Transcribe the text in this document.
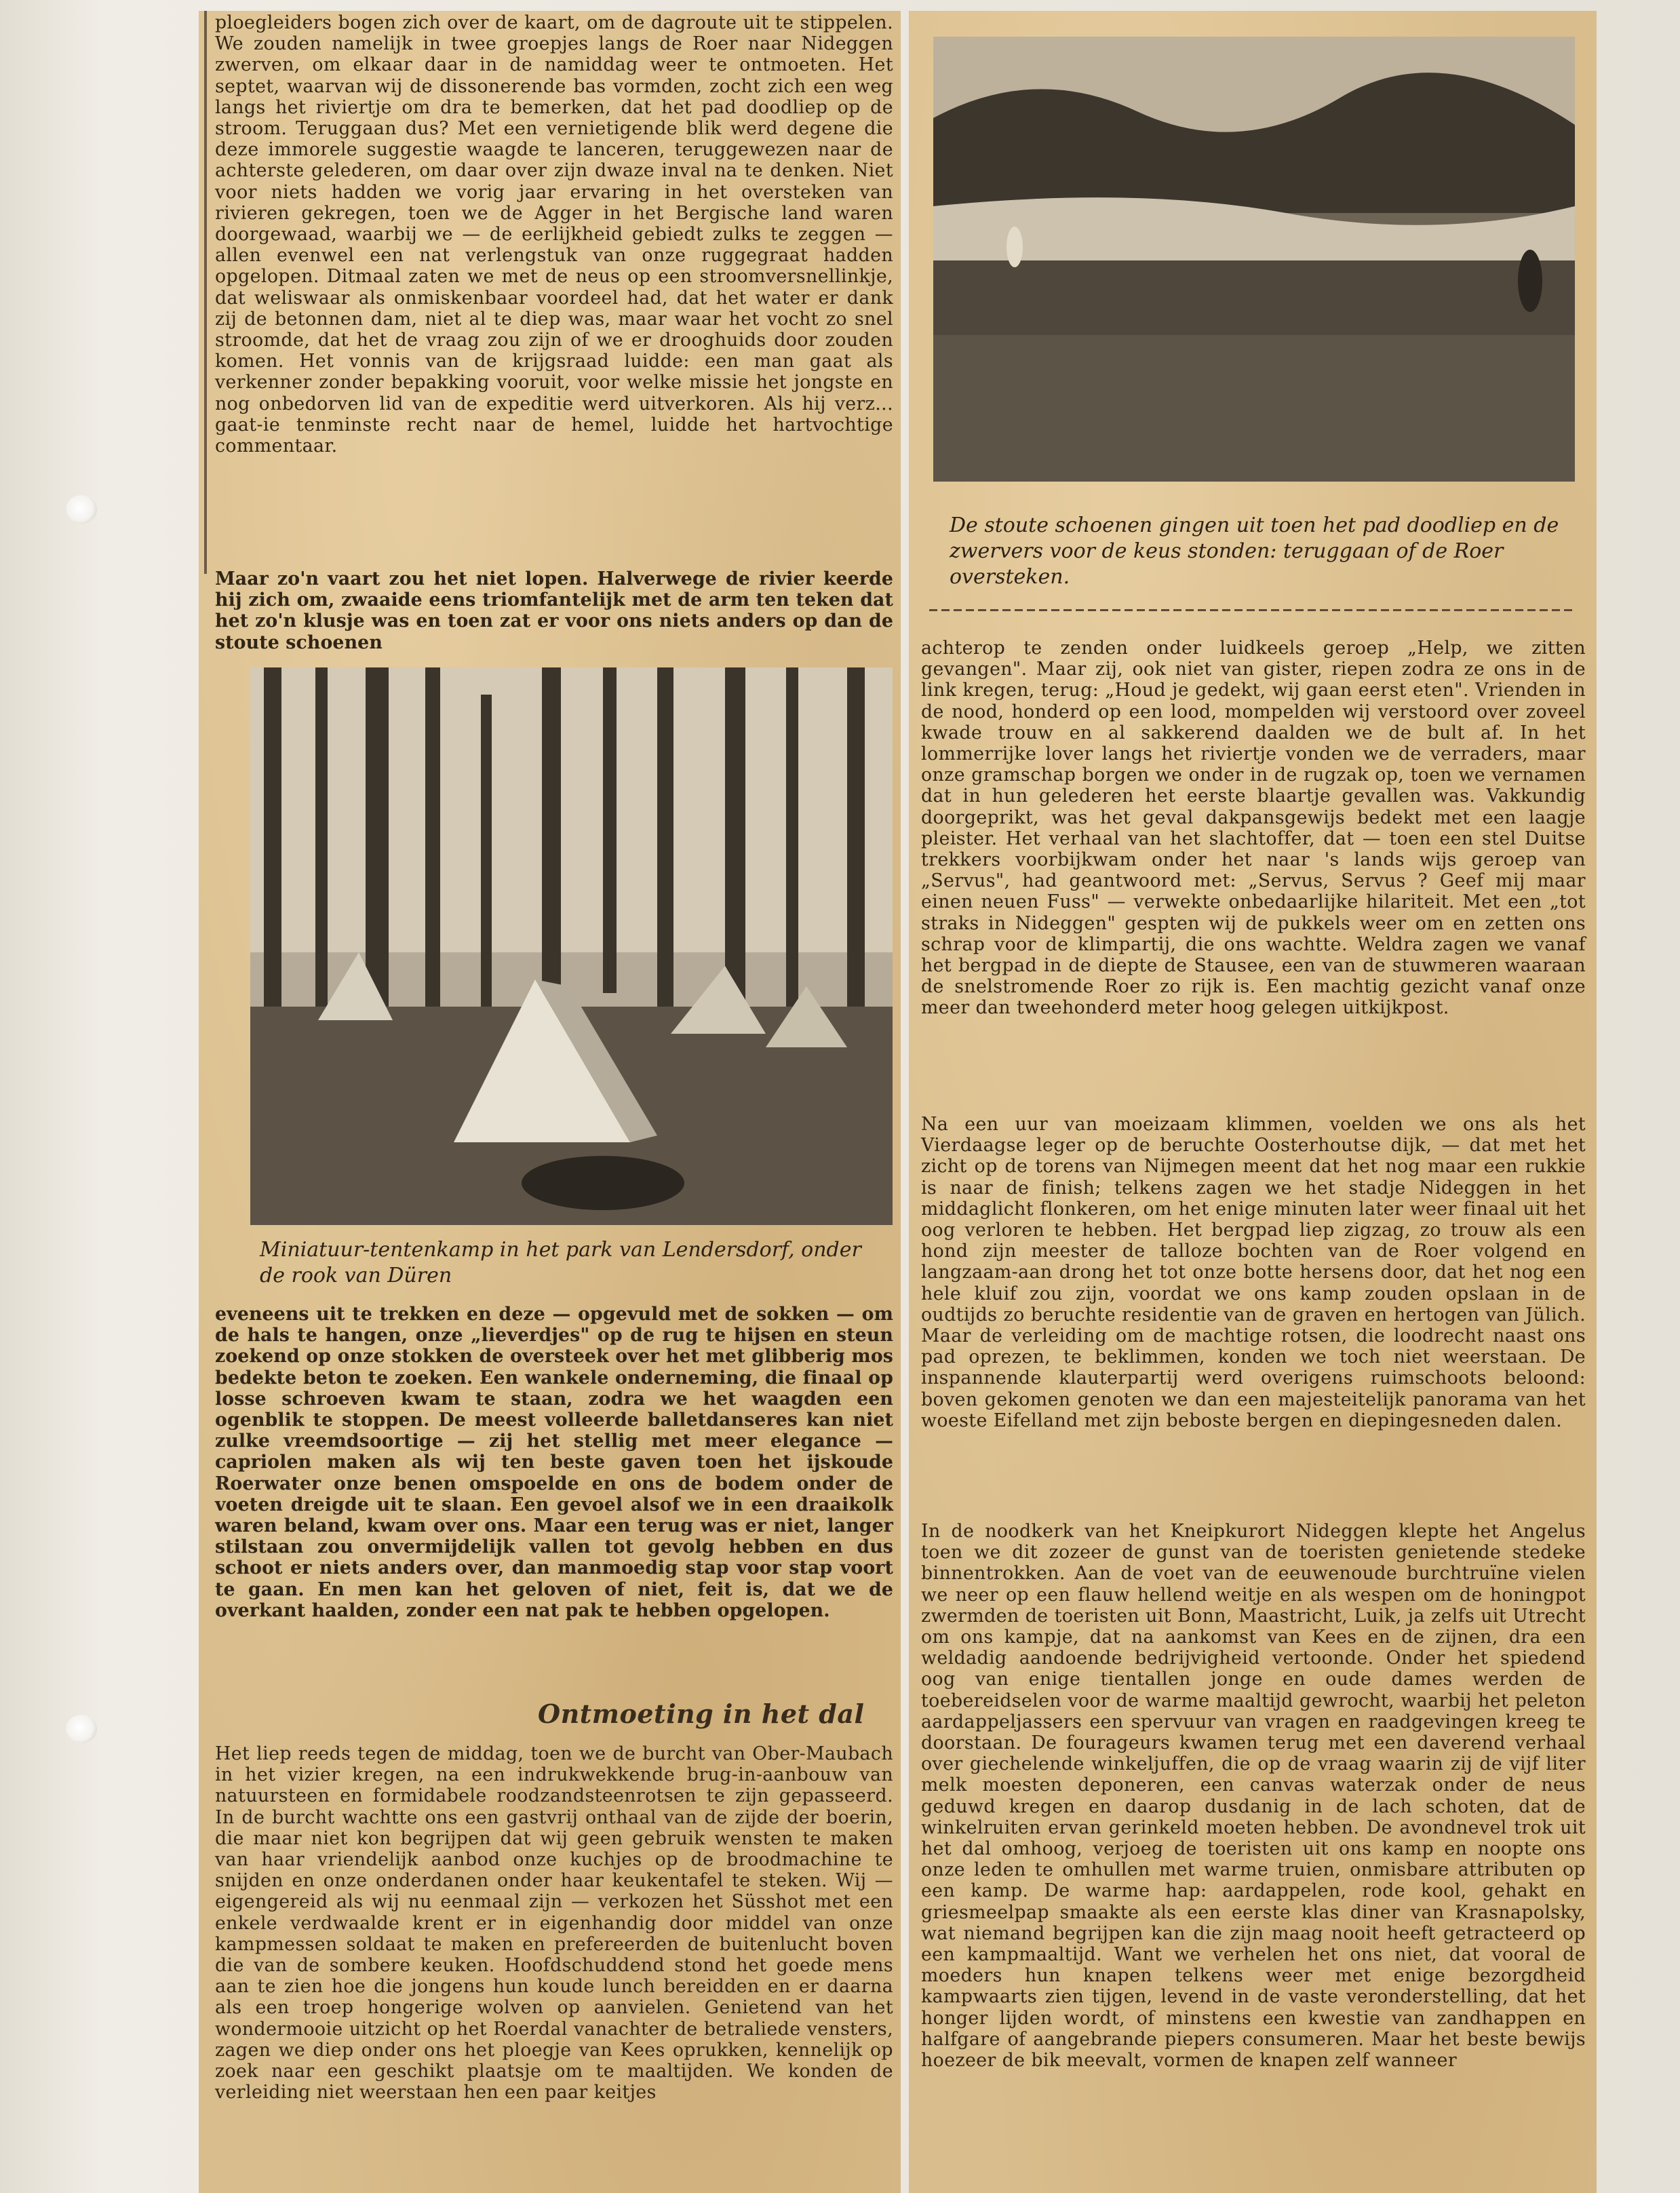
ploegleiders bogen zich over de kaart, om de dagroute uit te stippelen. We zouden namelijk in twee groepjes langs de Roer naar Nideggen zwerven, om elkaar daar in de namiddag weer te ontmoeten. Het septet, waarvan wij de dissonerende bas vormden, zocht zich een weg langs het riviertje om dra te bemerken, dat het pad doodliep op de stroom. Teruggaan dus? Met een vernietigende blik werd degene die deze immorele suggestie waagde te lanceren, teruggewezen naar de achterste gelederen, om daar over zijn dwaze inval na te denken. Niet voor niets hadden we vorig jaar ervaring in het oversteken van rivieren gekregen, toen we de Agger in het Bergische land waren doorgewaad, waarbij we — de eerlijkheid gebiedt zulks te zeggen — allen evenwel een nat verlengstuk van onze ruggegraat hadden opgelopen. Ditmaal zaten we met de neus op een stroomversnellinkje, dat weliswaar als onmiskenbaar voordeel had, dat het water er dank zij de betonnen dam, niet al te diep was, maar waar het vocht zo snel stroomde, dat het de vraag zou zijn of we er drooghuids door zouden komen. Het vonnis van de krijgsraad luidde: een man gaat als verkenner zonder bepakking vooruit, voor welke missie het jongste en nog onbedorven lid van de expeditie werd uitverkoren. Als hij verz... gaat-ie tenminste recht naar de hemel, luidde het hartvochtige commentaar.

Maar zo'n vaart zou het niet lopen. Halverwege de rivier keerde hij zich om, zwaaide eens triomfantelijk met de arm ten teken dat het zo'n klusje was en toen zat er voor ons niets anders op dan de stoute schoenen

Miniatuur-tentenkamp in het park van Lendersdorf, onder de rook van Düren

eveneens uit te trekken en deze — opgevuld met de sokken — om de hals te hangen, onze „lieverdjes" op de rug te hijsen en steun zoekend op onze stokken de oversteek over het met glibberig mos bedekte beton te zoeken. Een wankele onderneming, die finaal op losse schroeven kwam te staan, zodra we het waagden een ogenblik te stoppen. De meest volleerde balletdanseres kan niet zulke vreemdsoortige — zij het stellig met meer elegance — capriolen maken als wij ten beste gaven toen het ijskoude Roerwater onze benen omspoelde en ons de bodem onder de voeten dreigde uit te slaan. Een gevoel alsof we in een draaikolk waren beland, kwam over ons. Maar een terug was er niet, langer stilstaan zou onvermijdelijk vallen tot gevolg hebben en dus schoot er niets anders over, dan manmoedig stap voor stap voort te gaan. En men kan het geloven of niet, feit is, dat we de overkant haalden, zonder een nat pak te hebben opgelopen.

Ontmoeting in het dal

Het liep reeds tegen de middag, toen we de burcht van Ober-Maubach in het vizier kregen, na een indrukwekkende brug-in-aanbouw van natuursteen en formidabele roodzandsteenrotsen te zijn gepasseerd. In de burcht wachtte ons een gastvrij onthaal van de zijde der boerin, die maar niet kon begrijpen dat wij geen gebruik wensten te maken van haar vriendelijk aanbod onze kuchjes op de broodmachine te snijden en onze onderdanen onder haar keukentafel te steken. Wij — eigengereid als wij nu eenmaal zijn — verkozen het Süsshot met een enkele verdwaalde krent er in eigenhandig door middel van onze kampmessen soldaat te maken en prefereerden de buitenlucht boven die van de sombere keuken. Hoofdschuddend stond het goede mens aan te zien hoe die jongens hun koude lunch bereidden en er daarna als een troep hongerige wolven op aanvielen. Genietend van het wondermooie uitzicht op het Roerdal vanachter de betraliede vensters, zagen we diep onder ons het ploegje van Kees oprukken, kennelijk op zoek naar een geschikt plaatsje om te maaltijden. We konden de verleiding niet weerstaan hen een paar keitjes

De stoute schoenen gingen uit toen het pad doodliep en de zwervers voor de keus stonden: teruggaan of de Roer oversteken.

achterop te zenden onder luidkeels geroep „Help, we zitten gevangen". Maar zij, ook niet van gister, riepen zodra ze ons in de link kregen, terug: „Houd je gedekt, wij gaan eerst eten". Vrienden in de nood, honderd op een lood, mompelden wij verstoord over zoveel kwade trouw en al sakkerend daalden we de bult af. In het lommerrijke lover langs het riviertje vonden we de verraders, maar onze gramschap borgen we onder in de rugzak op, toen we vernamen dat in hun gelederen het eerste blaartje gevallen was. Vakkundig doorgeprikt, was het geval dakpansgewijs bedekt met een laagje pleister. Het verhaal van het slachtoffer, dat — toen een stel Duitse trekkers voorbijkwam onder het naar 's lands wijs geroep van „Servus", had geantwoord met: „Servus, Servus ? Geef mij maar einen neuen Fuss" — verwekte onbedaarlijke hilariteit. Met een „tot straks in Nideggen" gespten wij de pukkels weer om en zetten ons schrap voor de klimpartij, die ons wachtte. Weldra zagen we vanaf het bergpad in de diepte de Stausee, een van de stuwmeren waaraan de snelstromende Roer zo rijk is. Een machtig gezicht vanaf onze meer dan tweehonderd meter hoog gelegen uitkijkpost.

Na een uur van moeizaam klimmen, voelden we ons als het Vierdaagse leger op de beruchte Oosterhoutse dijk, — dat met het zicht op de torens van Nijmegen meent dat het nog maar een rukkie is naar de finish; telkens zagen we het stadje Nideggen in het middaglicht flonkeren, om het enige minuten later weer finaal uit het oog verloren te hebben. Het bergpad liep zigzag, zo trouw als een hond zijn meester de talloze bochten van de Roer volgend en langzaam-aan drong het tot onze botte hersens door, dat het nog een hele kluif zou zijn, voordat we ons kamp zouden opslaan in de oudtijds zo beruchte residentie van de graven en hertogen van Jülich. Maar de verleiding om de machtige rotsen, die loodrecht naast ons pad oprezen, te beklimmen, konden we toch niet weerstaan. De inspannende klauterpartij werd overigens ruimschoots beloond: boven gekomen genoten we dan een majesteitelijk panorama van het woeste Eifelland met zijn beboste bergen en diepingesneden dalen.

In de noodkerk van het Kneipkurort Nideggen klepte het Angelus toen we dit zozeer de gunst van de toeristen genietende stedeke binnentrokken. Aan de voet van de eeuwenoude burchtruïne vielen we neer op een flauw hellend weitje en als wespen om de honingpot zwermden de toeristen uit Bonn, Maastricht, Luik, ja zelfs uit Utrecht om ons kampje, dat na aankomst van Kees en de zijnen, dra een weldadig aandoende bedrijvigheid vertoonde. Onder het spiedend oog van enige tientallen jonge en oude dames werden de toebereidselen voor de warme maaltijd gewrocht, waarbij het peleton aardappeljassers een spervuur van vragen en raadgevingen kreeg te doorstaan. De fourageurs kwamen terug met een daverend verhaal over giechelende winkeljuffen, die op de vraag waarin zij de vijf liter melk moesten deponeren, een canvas waterzak onder de neus geduwd kregen en daarop dusdanig in de lach schoten, dat de winkelruiten ervan gerinkeld moeten hebben. De avondnevel trok uit het dal omhoog, verjoeg de toeristen uit ons kamp en noopte ons onze leden te omhullen met warme truien, onmisbare attributen op een kamp. De warme hap: aardappelen, rode kool, gehakt en griesmeelpap smaakte als een eerste klas diner van Krasnapolsky, wat niemand begrijpen kan die zijn maag nooit heeft getracteerd op een kampmaaltijd. Want we verhelen het ons niet, dat vooral de moeders hun knapen telkens weer met enige bezorgdheid kampwaarts zien tijgen, levend in de vaste veronderstelling, dat het honger lijden wordt, of minstens een kwestie van zandhappen en halfgare of aangebrande piepers consumeren. Maar het beste bewijs hoezeer de bik meevalt, vormen de knapen zelf wanneer
